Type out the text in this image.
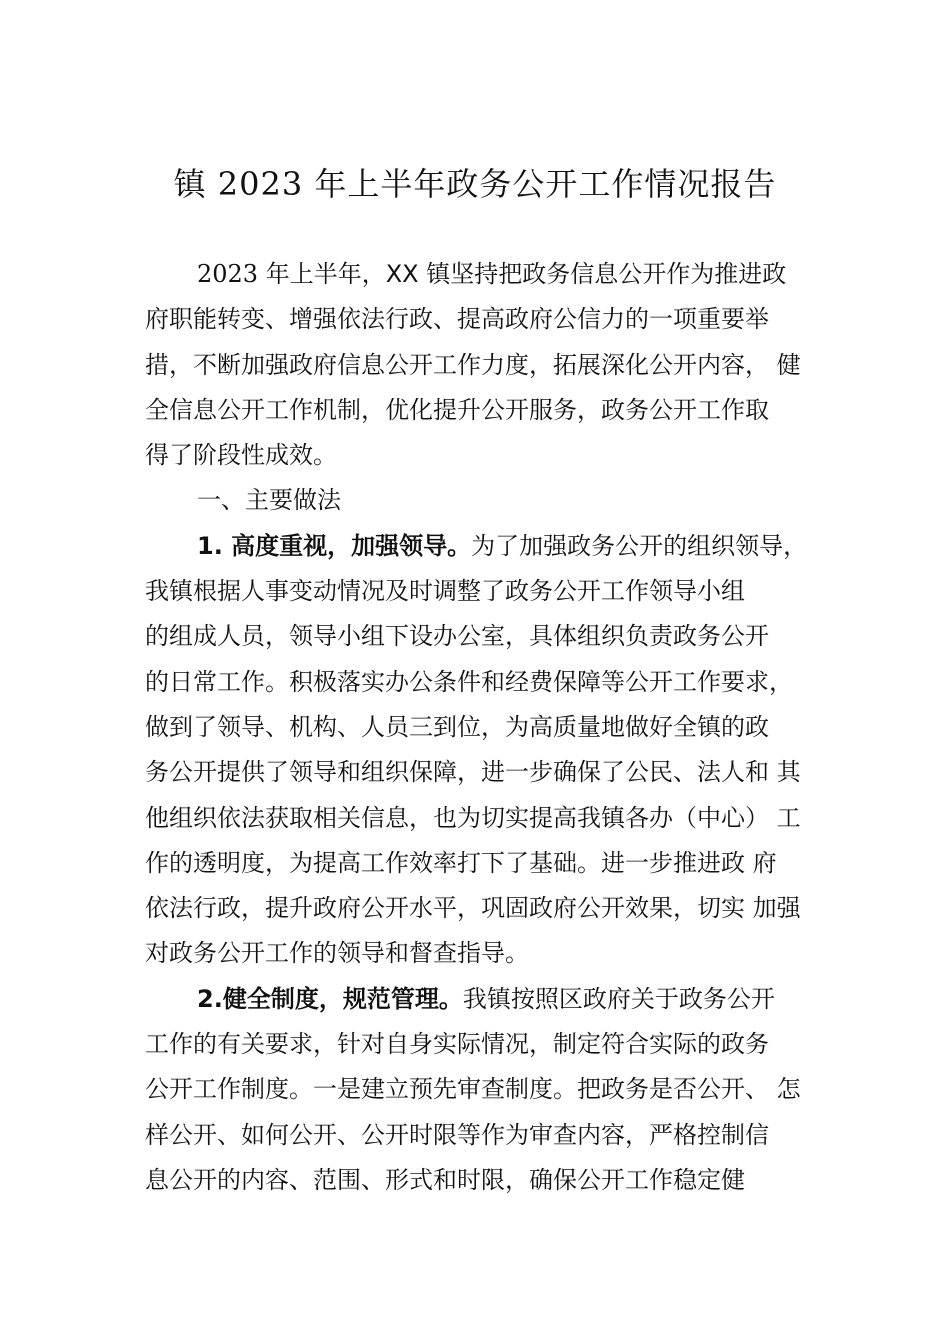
镇 2023 年上半年政务公开工作情况报告
2023 年上半年，XX 镇坚持把政务信息公开作为推进政
府职能转变、增强依法行政、提高政府公信力的一项重要举
措，不断加强政府信息公开工作力度，拓展深化公开内容， 健
全信息公开工作机制，优化提升公开服务，政务公开工作取
得了阶段性成效。
一、主要做法
1. 高度重视，加强领导。为了加强政务公开的组织领导，
我镇根据人事变动情况及时调整了政务公开工作领导小组
的组成人员，领导小组下设办公室，具体组织负责政务公开
的日常工作。积极落实办公条件和经费保障等公开工作要求，
做到了领导、机构、人员三到位，为高质量地做好全镇的政
务公开提供了领导和组织保障，进一步确保了公民、法人和 其
他组织依法获取相关信息，也为切实提高我镇各办（中心） 工
作的透明度，为提高工作效率打下了基础。进一步推进政 府
依法行政，提升政府公开水平，巩固政府公开效果，切实 加强
对政务公开工作的领导和督查指导。
2.健全制度，规范管理。我镇按照区政府关于政务公开
工作的有关要求，针对自身实际情况，制定符合实际的政务
公开工作制度。一是建立预先审查制度。把政务是否公开、 怎
样公开、如何公开、公开时限等作为审查内容，严格控制信
息公开的内容、范围、形式和时限，确保公开工作稳定健
